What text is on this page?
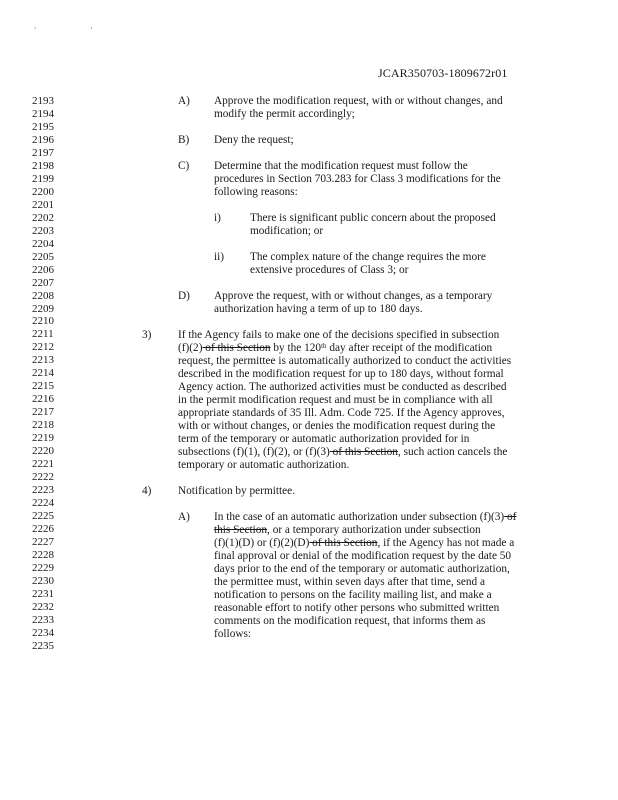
, ,
JCAR350703-1809672r01
2193
2194
2195
2196
2197
2198
2199
2200
2201
2202
2203
2204
2205
2206
2207
2208
2209
2210
2211
2212
2213
2214
2215
2216
2217
2218
2219
2220
2221
2222
2223
2224
2225
2226
2227
2228
2229
2230
2231
2232
2233
2234
2235
A) Approve the modification request, with or without changes, and
modify the permit accordingly;
B) Deny the request;
C) Determine that the modification request must follow the
procedures in Section 703.283 for Class 3 modifications for the
following reasons:
i)	There is significant public concern about the proposed
modification; or
ii) The complex nature of the change requires the more
extensive procedures of Class 3; or
D) Approve the request, with or without changes, as a temporary
authorization having a term of up to 180 days.
3) If the Agency fails to make one of the decisions specified in subsection
(f)(2) of this Section by the 120th day after receipt of the modification
request, the permittee is automatically authorized to conduct the activities
described in the modification request for up to 180 days, without formal
Agency action. The authorized activities must be conducted as described
in the permit modification request and must be in compliance with all
appropriate standards of 35 Ill. Adm. Code 725. If the Agency approves,
with or without changes, or denies the modification request during the
term of the temporary or automatic authorization provided for in
subsections (f)(1), (f)(2), or (f)(3) of this Section, such action cancels the
temporary or automatic authorization.
4) Notification by permittee.
A) In the case of an automatic authorization under subsection (f)(3) of
this Section, or a temporary authorization under subsection
(f)(1)(D) or (f)(2)(D) of this Section, if the Agency has not made a
final approval or denial of the modification request by the date 50
days prior to the end of the temporary or automatic authorization,
the permittee must, within seven days after that time, send a
notification to persons on the facility mailing list, and make a
reasonable effort to notify other persons who submitted written
comments on the modification request, that informs them as
follows:
